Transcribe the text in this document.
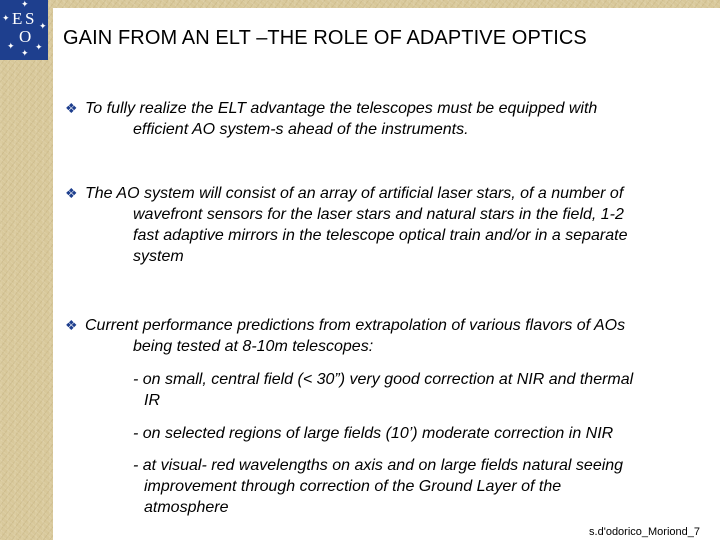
E S
O
✦
✦
✦
✦ ✦
✦
GAIN FROM AN ELT –THE ROLE OF ADAPTIVE OPTICS
❖ To fully realize the ELT advantage the telescopes must be equipped with
efficient AO system-s ahead of the instruments.
❖ The AO system will consist of an array of artificial laser stars, of a number of
wavefront sensors for the laser stars and natural stars in the field, 1-2
fast adaptive mirrors in the telescope optical train and/or in a separate
system
❖ Current performance predictions from extrapolation of various flavors of AOs
being tested at 8-10m telescopes:
- on small, central field (< 30”) very good correction at NIR and thermal
IR
- on selected regions of large fields (10’) moderate correction in NIR
- at visual- red wavelengths on axis and on large fields natural seeing
improvement through correction of the Ground Layer of the
atmosphere
s.d'odorico_Moriond_7
